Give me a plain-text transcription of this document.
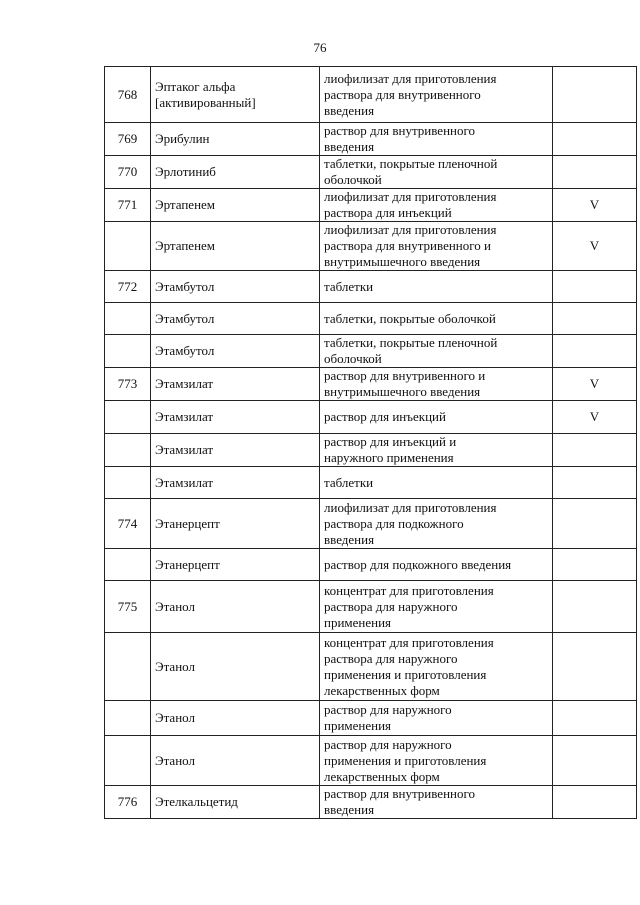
76
768	Эптаког альфа
[активированный]	лиофилизат для приготовления
раствора для внутривенного
введения	

769	Эрибулин	раствор для внутривенного
введения	

770	Эрлотиниб	таблетки, покрытые пленочной
оболочкой	

771	Эртапенем	лиофилизат для приготовления
раствора для инъекций	V

	Эртапенем	лиофилизат для приготовления
раствора для внутривенного и
внутримышечного введения	V

772	Этамбутол	таблетки	

	Этамбутол	таблетки, покрытые оболочкой	

	Этамбутол	таблетки, покрытые пленочной
оболочкой	

773	Этамзилат	раствор для внутривенного и
внутримышечного введения	V

	Этамзилат	раствор для инъекций	V

	Этамзилат	раствор для инъекций и
наружного применения	

	Этамзилат	таблетки	

774	Этанерцепт	лиофилизат для приготовления
раствора для подкожного
введения	

	Этанерцепт	раствор для подкожного введения	

775	Этанол	концентрат для приготовления
раствора для наружного
применения	

	Этанол	концентрат для приготовления
раствора для наружного
применения и приготовления
лекарственных форм	

	Этанол	раствор для наружного
применения	

	Этанол	раствор для наружного
применения и приготовления
лекарственных форм	

776	Этелкальцетид	раствор для внутривенного
введения	
